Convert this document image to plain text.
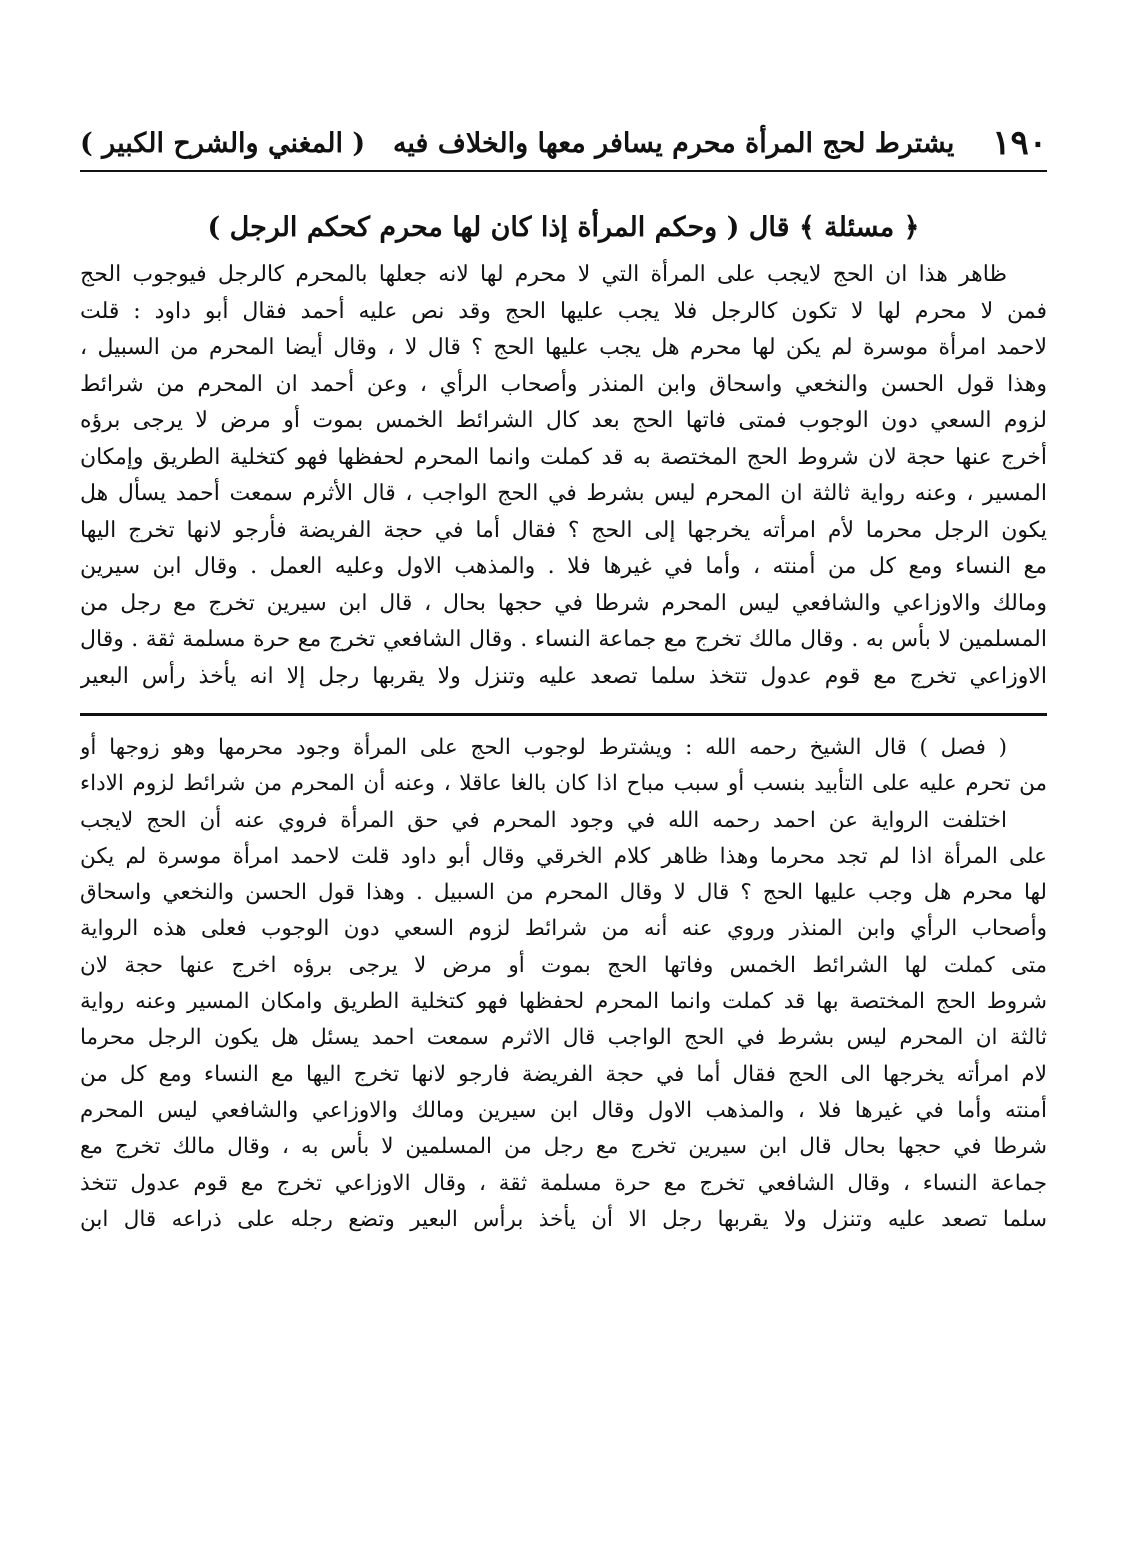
١٩٠
يشترط لحج المرأة محرم يسافر معها والخلاف فيه
( المغني والشرح الكبير )
﴿ مسئلة ﴾ قال ( وحكم المرأة إذا كان لها محرم كحكم الرجل )
ظاهر هذا ان الحج لايجب على المرأة التي لا محرم لها لانه جعلها بالمحرم كالرجل فيوجوب الحج
فمن لا محرم لها لا تكون كالرجل فلا يجب عليها الحج وقد نص عليه أحمد فقال أبو داود : قلت
لاحمد امرأة موسرة لم يكن لها محرم هل يجب عليها الحج ؟ قال لا ، وقال أيضا المحرم من السبيل ،
وهذا قول الحسن والنخعي واسحاق وابن المنذر وأصحاب الرأي ، وعن أحمد ان المحرم من شرائط
لزوم السعي دون الوجوب فمتى فاتها الحج بعد كال الشرائط الخمس بموت أو مرض لا يرجى برؤه
أخرج عنها حجة لان شروط الحج المختصة به قد كملت وانما المحرم لحفظها فهو كتخلية الطريق وإمكان
المسير ، وعنه رواية ثالثة ان المحرم ليس بشرط في الحج الواجب ، قال الأثرم سمعت أحمد يسأل هل
يكون الرجل محرما لأم امرأته يخرجها إلى الحج ؟ فقال أما في حجة الفريضة فأرجو لانها تخرج اليها
مع النساء ومع كل من أمنته ، وأما في غيرها فلا . والمذهب الاول وعليه العمل . وقال ابن سيرين
ومالك والاوزاعي والشافعي ليس المحرم شرطا في حجها بحال ، قال ابن سيرين تخرج مع رجل من
المسلمين لا بأس به . وقال مالك تخرج مع جماعة النساء . وقال الشافعي تخرج مع حرة مسلمة ثقة . وقال
الاوزاعي تخرج مع قوم عدول تتخذ سلما تصعد عليه وتنزل ولا يقربها رجل إلا انه يأخذ رأس البعير
( فصل ) قال الشيخ رحمه الله : ويشترط لوجوب الحج على المرأة وجود محرمها وهو زوجها أو
من تحرم عليه على التأبيد بنسب أو سبب مباح اذا كان بالغا عاقلا ، وعنه أن المحرم من شرائط لزوم الاداء
اختلفت الرواية عن احمد رحمه الله في وجود المحرم في حق المرأة فروي عنه أن الحج لايجب
على المرأة اذا لم تجد محرما وهذا ظاهر كلام الخرقي وقال أبو داود قلت لاحمد امرأة موسرة لم يكن
لها محرم هل وجب عليها الحج ؟ قال لا وقال المحرم من السبيل . وهذا قول الحسن والنخعي واسحاق
وأصحاب الرأي وابن المنذر وروي عنه أنه من شرائط لزوم السعي دون الوجوب فعلى هذه الرواية
متى كملت لها الشرائط الخمس وفاتها الحج بموت أو مرض لا يرجى برؤه اخرج عنها حجة لان
شروط الحج المختصة بها قد كملت وانما المحرم لحفظها فهو كتخلية الطريق وامكان المسير وعنه رواية
ثالثة ان المحرم ليس بشرط في الحج الواجب قال الاثرم سمعت احمد يسئل هل يكون الرجل محرما
لام امرأته يخرجها الى الحج فقال أما في حجة الفريضة فارجو لانها تخرج اليها مع النساء ومع كل من
أمنته وأما في غيرها فلا ، والمذهب الاول وقال ابن سيرين ومالك والاوزاعي والشافعي ليس المحرم
شرطا في حجها بحال قال ابن سيرين تخرج مع رجل من المسلمين لا بأس به ، وقال مالك تخرج مع
جماعة النساء ، وقال الشافعي تخرج مع حرة مسلمة ثقة ، وقال الاوزاعي تخرج مع قوم عدول تتخذ
سلما تصعد عليه وتنزل ولا يقربها رجل الا أن يأخذ برأس البعير وتضع رجله على ذراعه قال ابن
